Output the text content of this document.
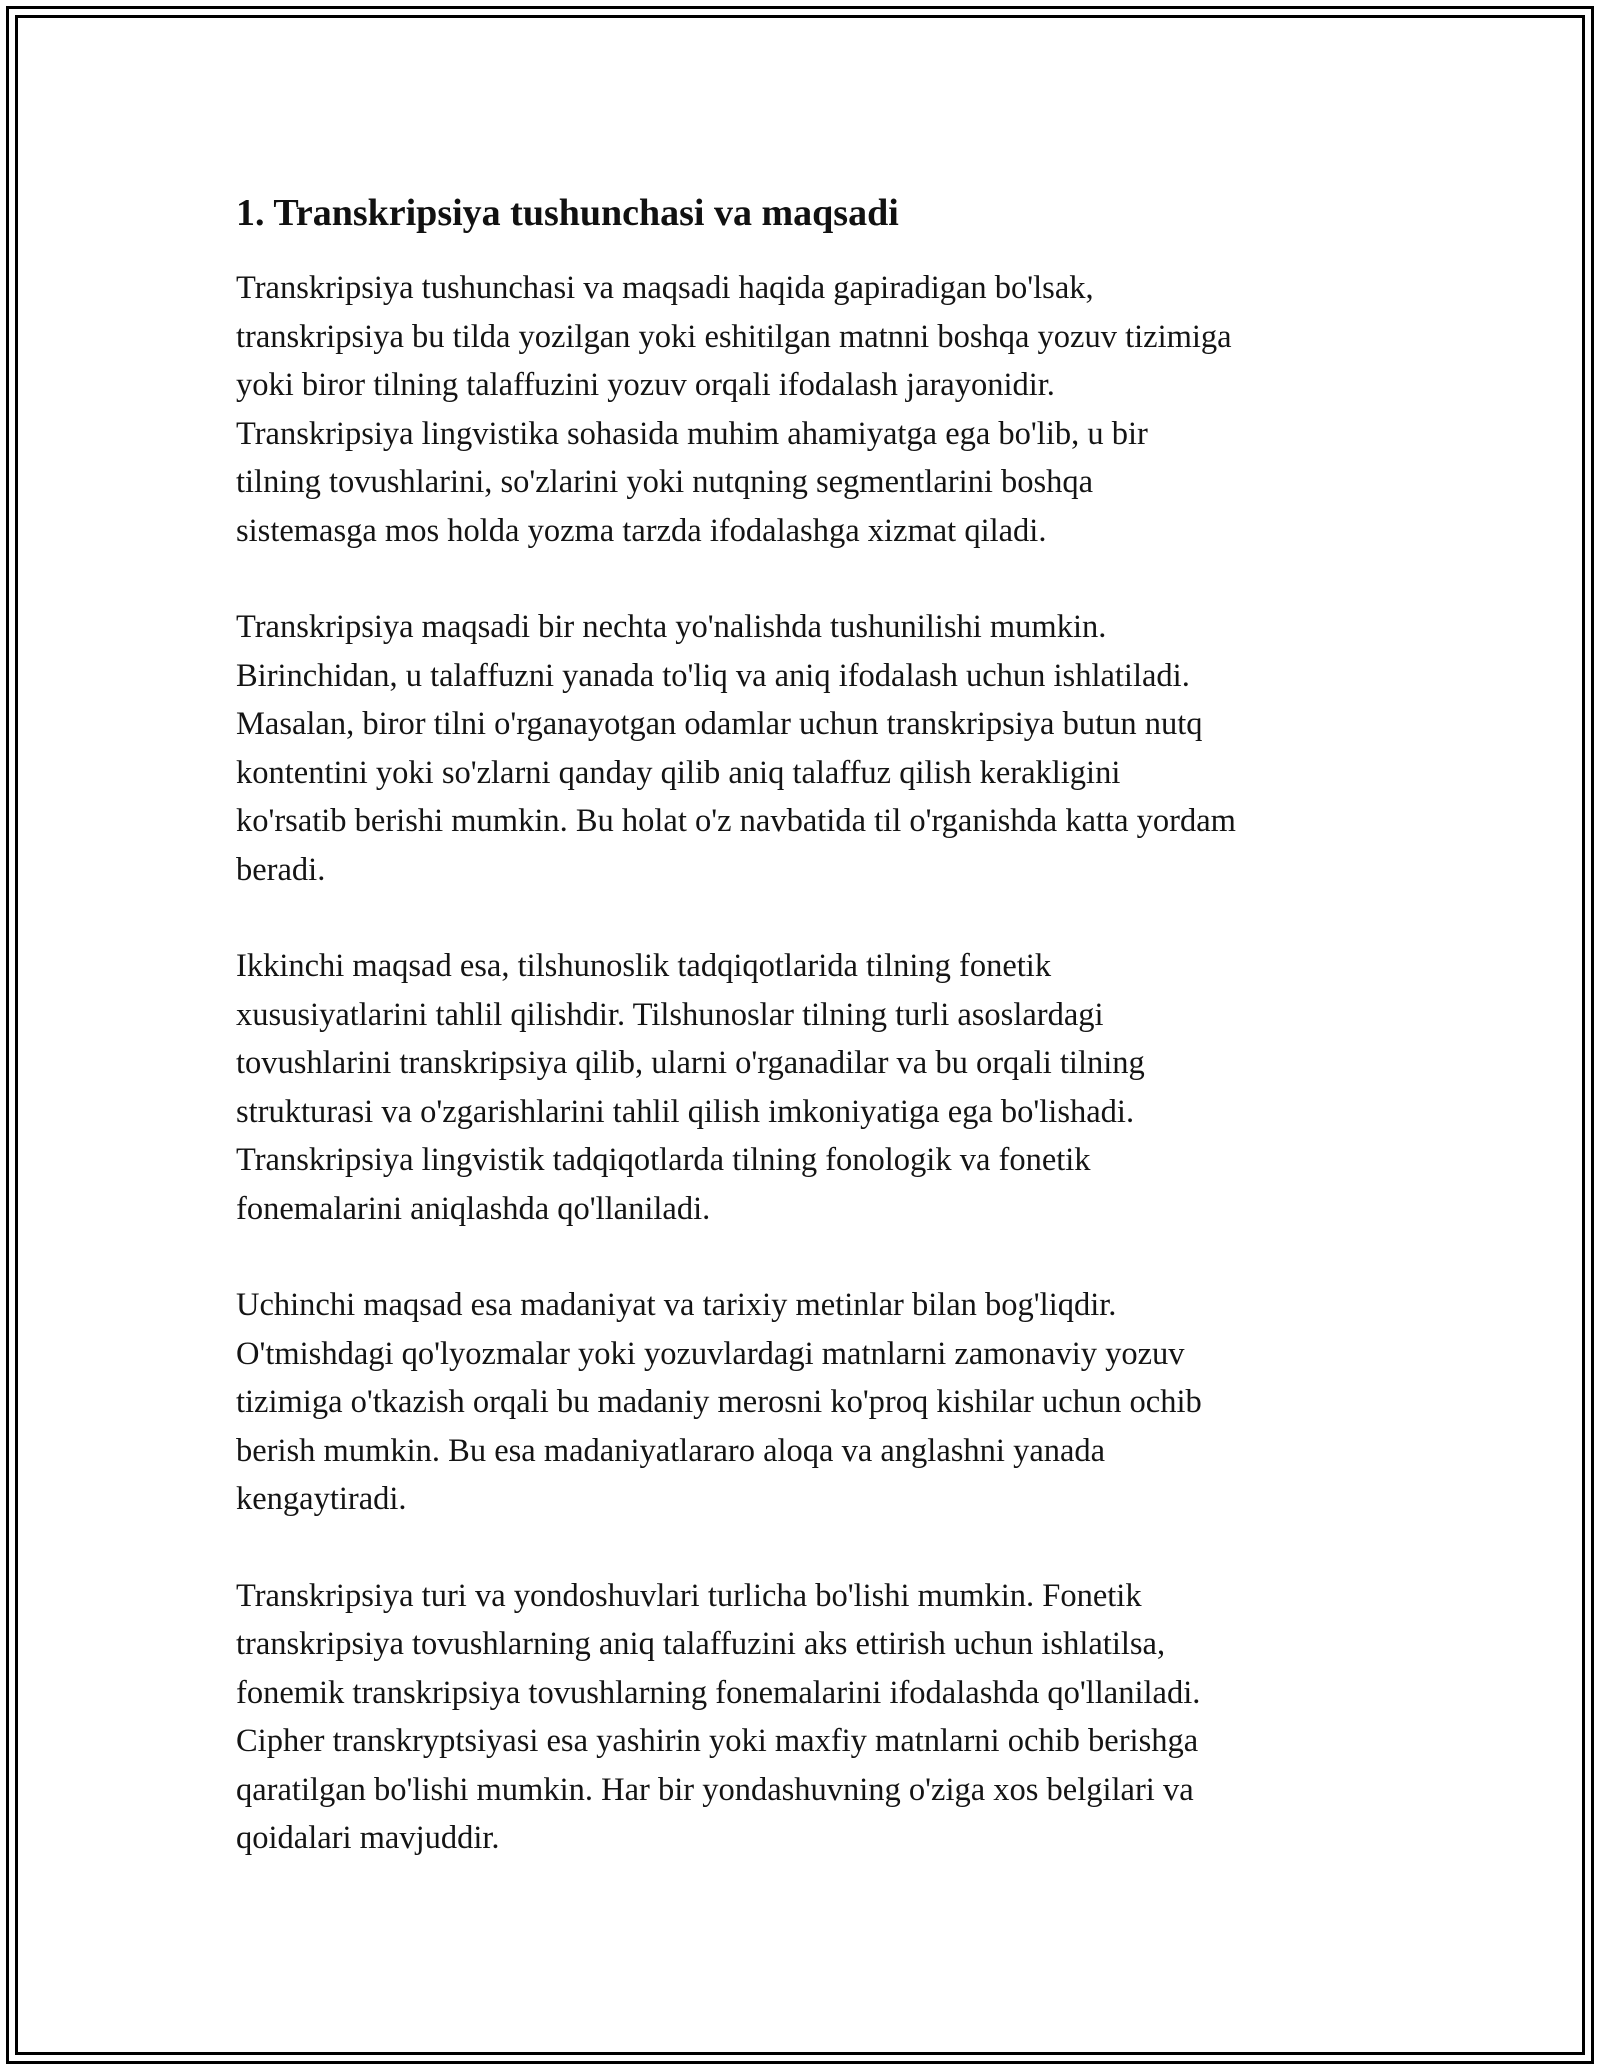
1. Transkripsiya tushunchasi va maqsadi

Transkripsiya tushunchasi va maqsadi haqida gapiradigan bo'lsak,
transkripsiya bu tilda yozilgan yoki eshitilgan matnni boshqa yozuv tizimiga
yoki biror tilning talaffuzini yozuv orqali ifodalash jarayonidir.
Transkripsiya lingvistika sohasida muhim ahamiyatga ega bo'lib, u bir
tilning tovushlarini, so'zlarini yoki nutqning segmentlarini boshqa
sistemasga mos holda yozma tarzda ifodalashga xizmat qiladi.

Transkripsiya maqsadi bir nechta yo'nalishda tushunilishi mumkin.
Birinchidan, u talaffuzni yanada to'liq va aniq ifodalash uchun ishlatiladi.
Masalan, biror tilni o'rganayotgan odamlar uchun transkripsiya butun nutq
kontentini yoki so'zlarni qanday qilib aniq talaffuz qilish kerakligini
ko'rsatib berishi mumkin. Bu holat o'z navbatida til o'rganishda katta yordam
beradi.

Ikkinchi maqsad esa, tilshunoslik tadqiqotlarida tilning fonetik
xususiyatlarini tahlil qilishdir. Tilshunoslar tilning turli asoslardagi
tovushlarini transkripsiya qilib, ularni o'rganadilar va bu orqali tilning
strukturasi va o'zgarishlarini tahlil qilish imkoniyatiga ega bo'lishadi.
Transkripsiya lingvistik tadqiqotlarda tilning fonologik va fonetik
fonemalarini aniqlashda qo'llaniladi.

Uchinchi maqsad esa madaniyat va tarixiy metinlar bilan bog'liqdir.
O'tmishdagi qo'lyozmalar yoki yozuvlardagi matnlarni zamonaviy yozuv
tizimiga o'tkazish orqali bu madaniy merosni ko'proq kishilar uchun ochib
berish mumkin. Bu esa madaniyatlararo aloqa va anglashni yanada
kengaytiradi.

Transkripsiya turi va yondoshuvlari turlicha bo'lishi mumkin. Fonetik
transkripsiya tovushlarning aniq talaffuzini aks ettirish uchun ishlatilsa,
fonemik transkripsiya tovushlarning fonemalarini ifodalashda qo'llaniladi.
Cipher transkryptsiyasi esa yashirin yoki maxfiy matnlarni ochib berishga
qaratilgan bo'lishi mumkin. Har bir yondashuvning o'ziga xos belgilari va
qoidalari mavjuddir.
